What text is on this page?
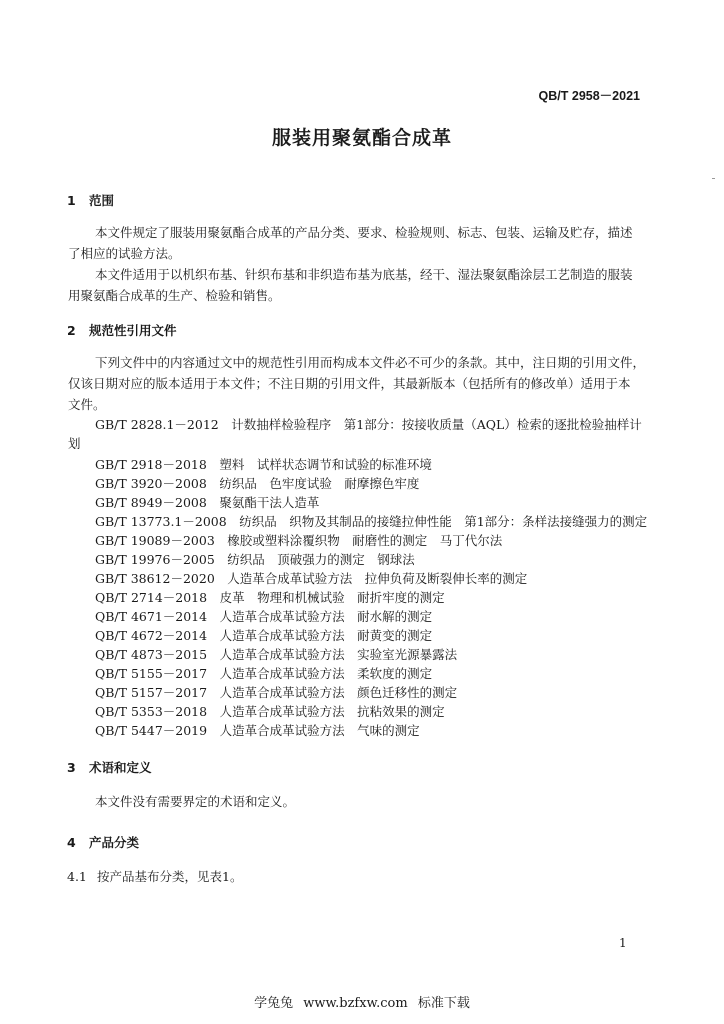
QB/T 2958－2021
服装用聚氨酯合成革
1 范围
本文件规定了服装用聚氨酯合成革的产品分类、要求、检验规则、标志、包装、运输及贮存，描述
了相应的试验方法。
本文件适用于以机织布基、针织布基和非织造布基为底基，经干、湿法聚氨酯涂层工艺制造的服装
用聚氨酯合成革的生产、检验和销售。
2 规范性引用文件
下列文件中的内容通过文中的规范性引用而构成本文件必不可少的条款。其中，注日期的引用文件，
仅该日期对应的版本适用于本文件；不注日期的引用文件，其最新版本（包括所有的修改单）适用于本
文件。
GB/T 2828.1－2012　计数抽样检验程序　第1部分：按接收质量（AQL）检索的逐批检验抽样计
划
GB/T 2918－2018　塑料　试样状态调节和试验的标准环境
GB/T 3920－2008　纺织品　色牢度试验　耐摩擦色牢度
GB/T 8949－2008　聚氨酯干法人造革
GB/T 13773.1－2008　纺织品　织物及其制品的接缝拉伸性能　第1部分：条样法接缝强力的测定
GB/T 19089－2003　橡胶或塑料涂覆织物　耐磨性的测定　马丁代尔法
GB/T 19976－2005　纺织品　顶破强力的测定　钢球法
GB/T 38612－2020　人造革合成革试验方法　拉伸负荷及断裂伸长率的测定
QB/T 2714－2018　皮革　物理和机械试验　耐折牢度的测定
QB/T 4671－2014　人造革合成革试验方法　耐水解的测定
QB/T 4672－2014　人造革合成革试验方法　耐黄变的测定
QB/T 4873－2015　人造革合成革试验方法　实验室光源暴露法
QB/T 5155－2017　人造革合成革试验方法　柔软度的测定
QB/T 5157－2017　人造革合成革试验方法　颜色迁移性的测定
QB/T 5353－2018　人造革合成革试验方法　抗粘效果的测定
QB/T 5447－2019　人造革合成革试验方法　气味的测定
3 术语和定义
本文件没有需要界定的术语和定义。
4 产品分类
4.1 按产品基布分类，见表1。
1
学兔兔 www.bzfxw.com 标准下载
